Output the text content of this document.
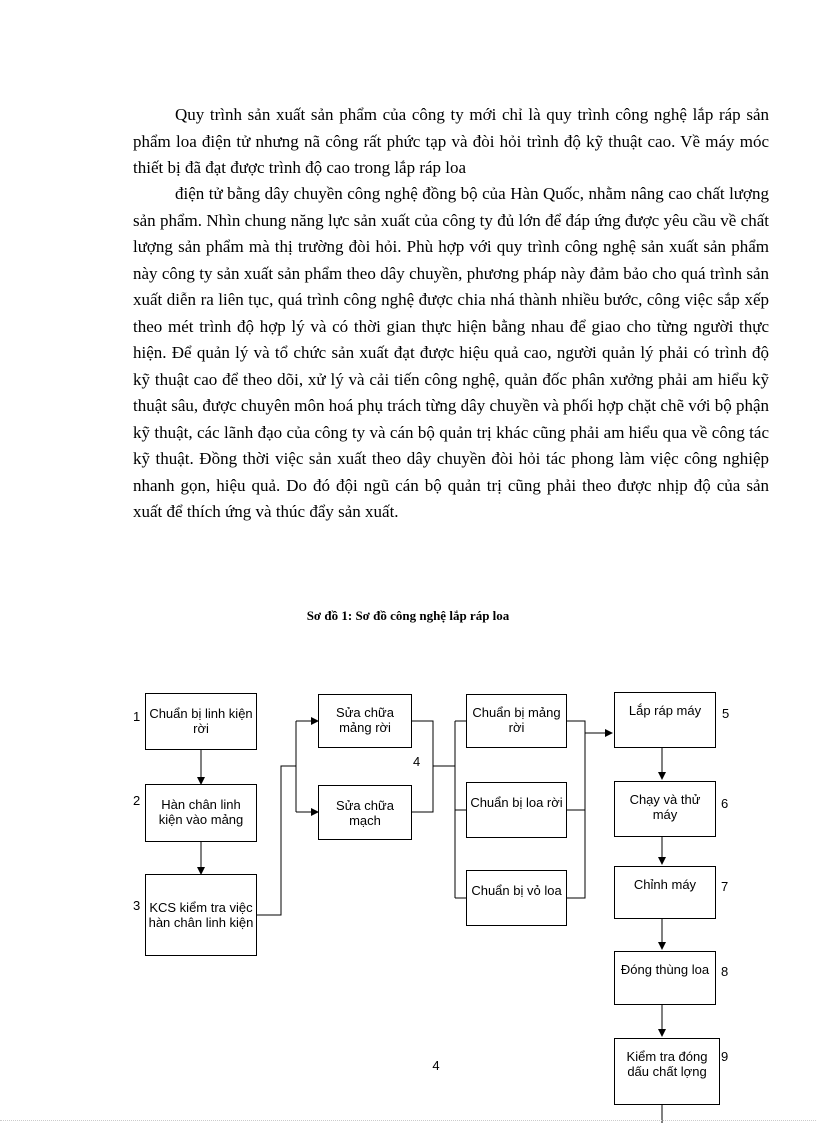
Quy trình sản xuất sản phẩm của công ty mới chỉ là quy trình công nghệ lắp ráp sản phẩm loa điện tử nhưng nã công rất phức tạp và đòi hỏi trình độ kỹ thuật cao. Về máy móc thiết bị đã đạt được trình độ cao trong lắp ráp loa

điện tử bằng dây chuyền công nghệ đồng bộ của Hàn Quốc, nhằm nâng cao chất lượng sản phẩm. Nhìn chung năng lực sản xuất của công ty đủ lớn để đáp ứng được yêu cầu về chất lượng sản phẩm mà thị trường đòi hỏi. Phù hợp với quy trình công nghệ sản xuất sản phẩm này công ty sản xuất sản phẩm theo dây chuyền, phương pháp này đảm bảo cho quá trình sản xuất diễn ra liên tục, quá trình công nghệ được chia nhá thành nhiều bước, công việc sắp xếp theo mét trình độ hợp lý và có thời gian thực hiện bằng nhau để giao cho từng người thực hiện. Để quản lý và tổ chức sản xuất đạt được hiệu quả cao, người quản lý phải có trình độ kỹ thuật cao để theo dõi, xử lý và cải tiến công nghệ, quản đốc phân xưởng phải am hiểu kỹ thuật sâu, được chuyên môn hoá phụ trách từng dây chuyền và phối hợp chặt chẽ với bộ phận kỹ thuật, các lãnh đạo của công ty và cán bộ quản trị khác cũng phải am hiểu qua về công tác kỹ thuật. Đồng thời việc sản xuất theo dây chuyền đòi hỏi tác phong làm việc công nghiệp nhanh gọn, hiệu quả. Do đó đội ngũ cán bộ quản trị cũng phải theo được nhịp độ của sản xuất để thích ứng và thúc đẩy sản xuất.

Sơ đồ 1: Sơ đồ công nghệ lắp ráp loa
Chuẩn bị linh kiện rời
Hàn chân linh kiện vào mảng
KCS kiểm tra việc hàn chân linh kiện
Sửa chữa mảng rời
Sửa chữa mạch
Chuẩn bị mảng rời
Chuẩn bị loa rời
Chuẩn bị vỏ loa
Lắp ráp máy
Chạy và thử máy
Chỉnh máy
Đóng thùng loa
Kiểm tra đóng dấu chất lợng
1
2
3
4
5
6
7
8
9
4
